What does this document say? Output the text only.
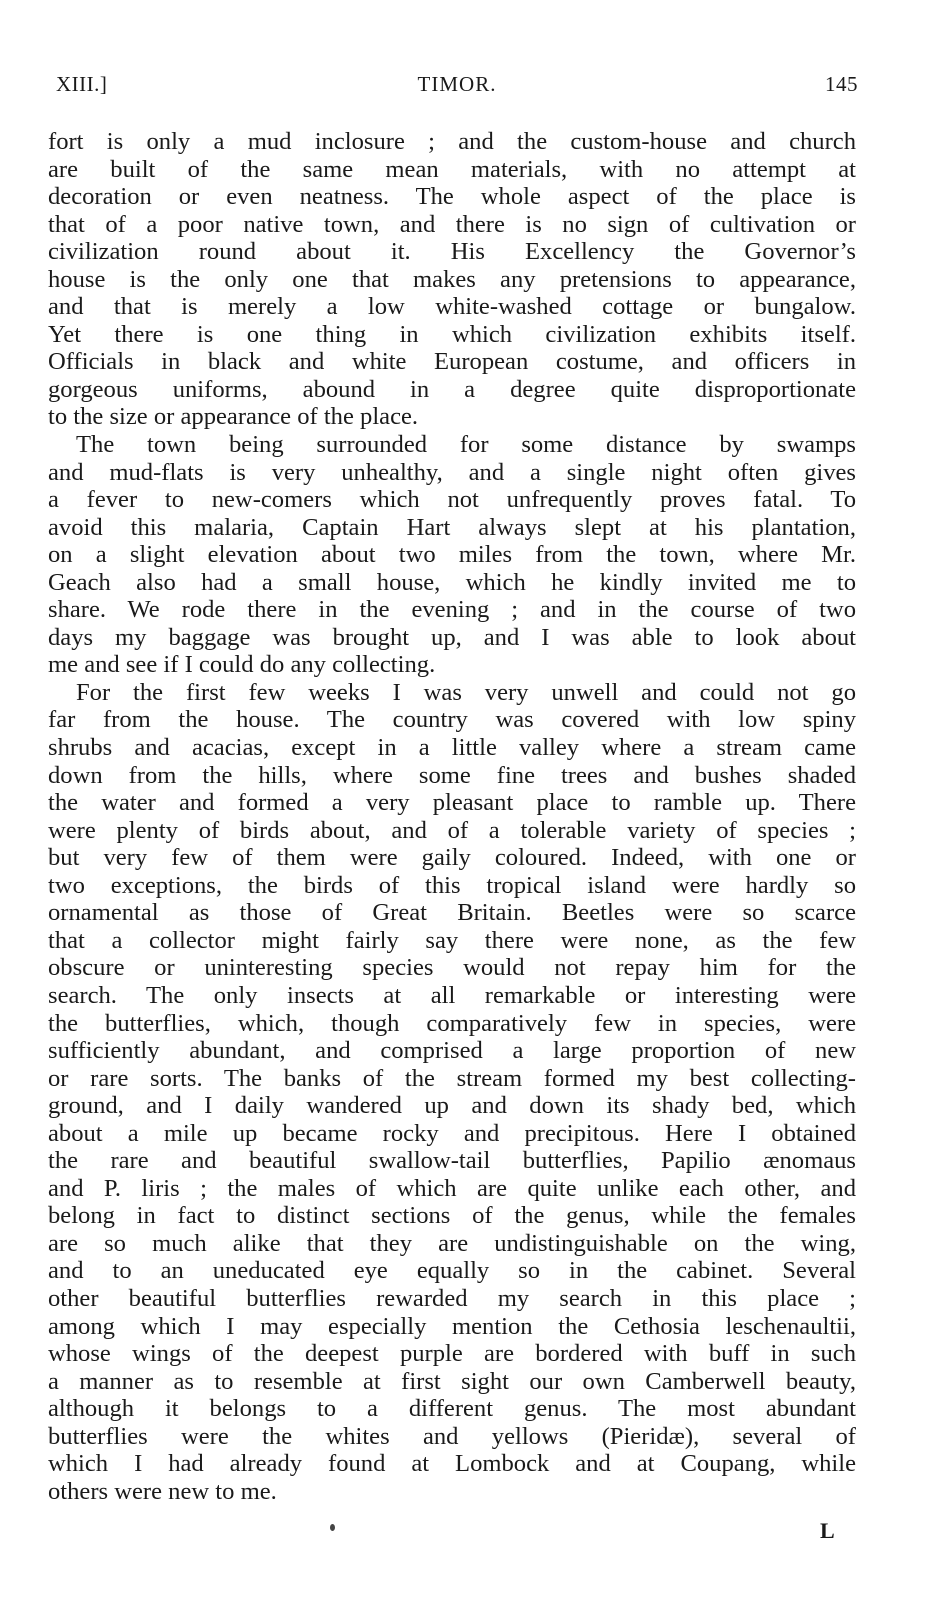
XIII.]	TIMOR.	145
fort is only a mud inclosure ; and the custom-house and church
are built of the same mean materials, with no attempt at
decoration or even neatness. The whole aspect of the place is
that of a poor native town, and there is no sign of cultivation or
civilization round about it. His Excellency the Governor’s
house is the only one that makes any pretensions to appearance,
and that is merely a low white-washed cottage or bungalow.
Yet there is one thing in which civilization exhibits itself.
Officials in black and white European costume, and officers in
gorgeous uniforms, abound in a degree quite disproportionate
to the size or appearance of the place.
The town being surrounded for some distance by swamps
and mud-flats is very unhealthy, and a single night often gives
a fever to new-comers which not unfrequently proves fatal. To
avoid this malaria, Captain Hart always slept at his plantation,
on a slight elevation about two miles from the town, where Mr.
Geach also had a small house, which he kindly invited me to
share. We rode there in the evening ; and in the course of two
days my baggage was brought up, and I was able to look about
me and see if I could do any collecting.
For the first few weeks I was very unwell and could not go
far from the house. The country was covered with low spiny
shrubs and acacias, except in a little valley where a stream came
down from the hills, where some fine trees and bushes shaded
the water and formed a very pleasant place to ramble up. There
were plenty of birds about, and of a tolerable variety of species ;
but very few of them were gaily coloured. Indeed, with one or
two exceptions, the birds of this tropical island were hardly so
ornamental as those of Great Britain. Beetles were so scarce
that a collector might fairly say there were none, as the few
obscure or uninteresting species would not repay him for the
search. The only insects at all remarkable or interesting were
the butterflies, which, though comparatively few in species, were
sufficiently abundant, and comprised a large proportion of new
or rare sorts. The banks of the stream formed my best collecting-
ground, and I daily wandered up and down its shady bed, which
about a mile up became rocky and precipitous. Here I obtained
the rare and beautiful swallow-tail butterflies, Papilio ænomaus
and P. liris ; the males of which are quite unlike each other, and
belong in fact to distinct sections of the genus, while the females
are so much alike that they are undistinguishable on the wing,
and to an uneducated eye equally so in the cabinet. Several
other beautiful butterflies rewarded my search in this place ;
among which I may especially mention the Cethosia leschenaultii,
whose wings of the deepest purple are bordered with buff in such
a manner as to resemble at first sight our own Camberwell beauty,
although it belongs to a different genus. The most abundant
butterflies were the whites and yellows (Pieridæ), several of
which I had already found at Lombock and at Coupang, while
others were new to me.
L
